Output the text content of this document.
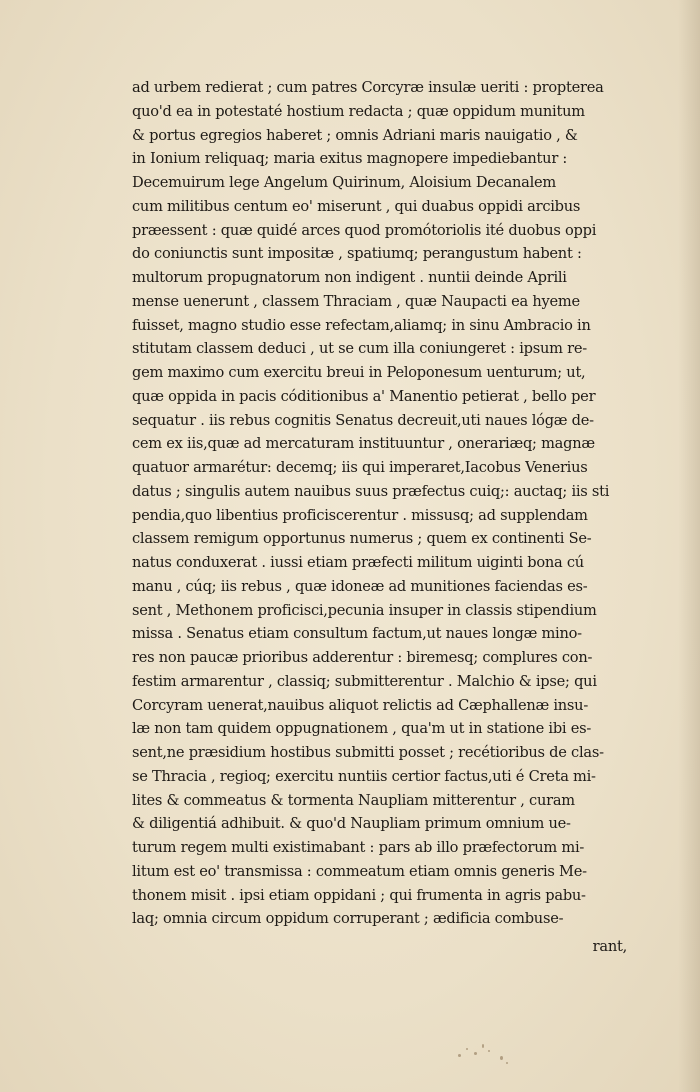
ad urbem redierat ; cum patres Corcyræ insulæ ueriti : propterea
quo'd ea in potestaté hostium redacta ; quæ oppidum munitum
& portus egregios haberet ; omnis Adriani maris nauigatio , &
in Ionium reliquaq; maria exitus magnopere impediebantur :
Decemuirum lege Angelum Quirinum, Aloisium Decanalem
cum militibus centum eo' miserunt , qui duabus oppidi arcibus
præessent : quæ quidé arces quod promótoriolis ité duobus oppi
do coniunctis sunt impositæ , spatiumq; perangustum habent :
multorum propugnatorum non indigent . nuntii deinde Aprili
mense uenerunt , classem Thraciam , quæ Naupacti ea hyeme
fuisset, magno studio esse refectam,aliamq; in sinu Ambracio in
stitutam classem deduci , ut se cum illa coniungeret : ipsum re-
gem maximo cum exercitu breui in Peloponesum uenturum; ut,
quæ oppida in pacis códitionibus a' Manentio petierat , bello per
sequatur . iis rebus cognitis Senatus decreuit,uti naues lógæ de-
cem ex iis,quæ ad mercaturam instituuntur , onerariæq; magnæ
quatuor armarétur: decemq; iis qui imperaret,Iacobus Venerius
datus ; singulis autem nauibus suus præfectus cuiq;: auctaq; iis sti
pendia,quo libentius proficiscerentur . missusq; ad supplendam
classem remigum opportunus numerus ; quem ex continenti Se-
natus conduxerat . iussi etiam præfecti militum uiginti bona cú
manu , cúq; iis rebus , quæ idoneæ ad munitiones faciendas es-
sent , Methonem proficisci,pecunia insuper in classis stipendium
missa . Senatus etiam consultum factum,ut naues longæ mino-
res non paucæ prioribus adderentur : biremesq; complures con-
festim armarentur , classiq; submitterentur . Malchio & ipse; qui
Corcyram uenerat,nauibus aliquot relictis ad Cæphallenæ insu-
læ non tam quidem oppugnationem , qua'm ut in statione ibi es-
sent,ne præsidium hostibus submitti posset ; recétioribus de clas-
se Thracia , regioq; exercitu nuntiis certior factus,uti é Creta mi-
lites & commeatus & tormenta Naupliam mitterentur , curam
& diligentiá adhibuit. & quo'd Naupliam primum omnium ue-
turum regem multi existimabant : pars ab illo præfectorum mi-
litum est eo' transmissa : commeatum etiam omnis generis Me-
thonem misit . ipsi etiam oppidani ; qui frumenta in agris pabu-
laq; omnia circum oppidum corruperant ; ædificia combuse-
rant,
